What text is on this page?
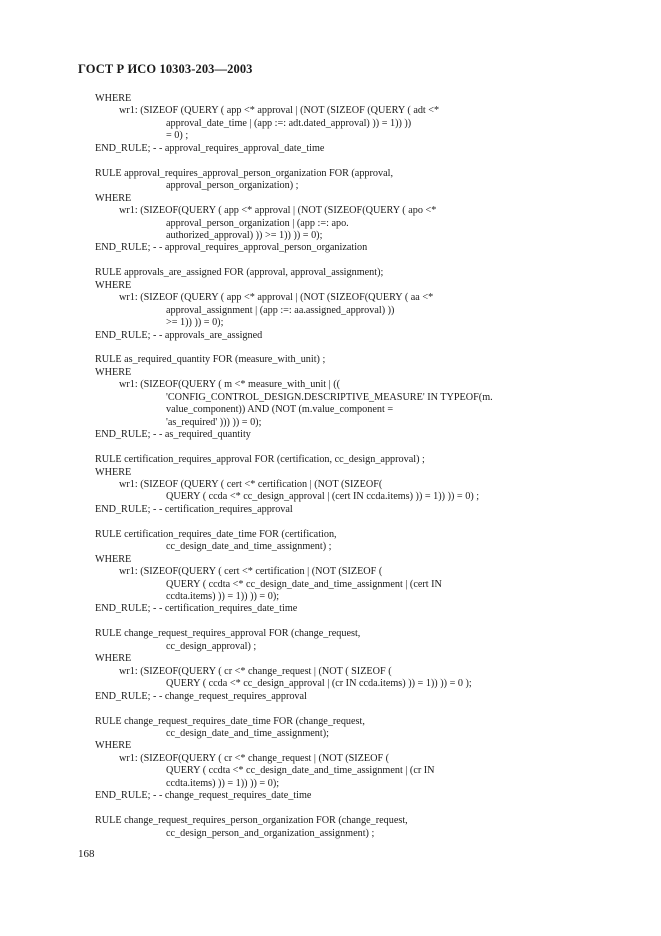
ГОСТ Р ИСО 10303-203—2003
WHERE
wr1: (SIZEOF (QUERY ( app <* approval | (NOT (SIZEOF (QUERY ( adt <*
approval_date_time | (app :=: adt.dated_approval) )) = 1)) ))
= 0) ;
END_RULE; - - approval_requires_approval_date_time
RULE approval_requires_approval_person_organization FOR (approval,
approval_person_organization) ;
WHERE
wr1: (SIZEOF(QUERY ( app <* approval | (NOT (SIZEOF(QUERY ( apo <*
approval_person_organization | (app :=: apo.
authorized_approval) )) >= 1)) )) = 0);
END_RULE; - - approval_requires_approval_person_organization
RULE approvals_are_assigned FOR (approval, approval_assignment);
WHERE
wr1: (SIZEOF (QUERY ( app <* approval | (NOT (SIZEOF(QUERY ( aa <*
approval_assignment | (app :=: aa.assigned_approval) ))
>= 1)) )) = 0);
END_RULE; - - approvals_are_assigned
RULE as_required_quantity FOR (measure_with_unit) ;
WHERE
wr1: (SIZEOF(QUERY ( m <* measure_with_unit | ((
'CONFIG_CONTROL_DESIGN.DESCRIPTIVE_MEASURE' IN TYPEOF(m.
value_component)) AND (NOT (m.value_component =
'as_required' ))) )) = 0);
END_RULE; - - as_required_quantity
RULE certification_requires_approval FOR (certification, cc_design_approval) ;
WHERE
wr1: (SIZEOF (QUERY ( cert <* certification | (NOT (SIZEOF(
QUERY ( ccda <* cc_design_approval | (cert IN ccda.items) )) = 1)) )) = 0) ;
END_RULE; - - certification_requires_approval
RULE certification_requires_date_time FOR (certification,
cc_design_date_and_time_assignment) ;
WHERE
wr1: (SIZEOF(QUERY ( cert <* certification | (NOT (SIZEOF (
QUERY ( ccdta <* cc_design_date_and_time_assignment | (cert IN
ccdta.items) )) = 1)) )) = 0);
END_RULE; - - certification_requires_date_time
RULE change_request_requires_approval FOR (change_request,
cc_design_approval) ;
WHERE
wr1: (SIZEOF(QUERY ( cr <* change_request | (NOT ( SIZEOF (
QUERY ( ccda <* cc_design_approval | (cr IN ccda.items) )) = 1)) )) = 0 );
END_RULE; - - change_request_requires_approval
RULE change_request_requires_date_time FOR (change_request,
cc_design_date_and_time_assignment);
WHERE
wr1: (SIZEOF(QUERY ( cr <* change_request | (NOT (SIZEOF (
QUERY ( ccdta <* cc_design_date_and_time_assignment | (cr IN
ccdta.items) )) = 1)) )) = 0);
END_RULE; - - change_request_requires_date_time
RULE change_request_requires_person_organization FOR (change_request,
cc_design_person_and_organization_assignment) ;
168
